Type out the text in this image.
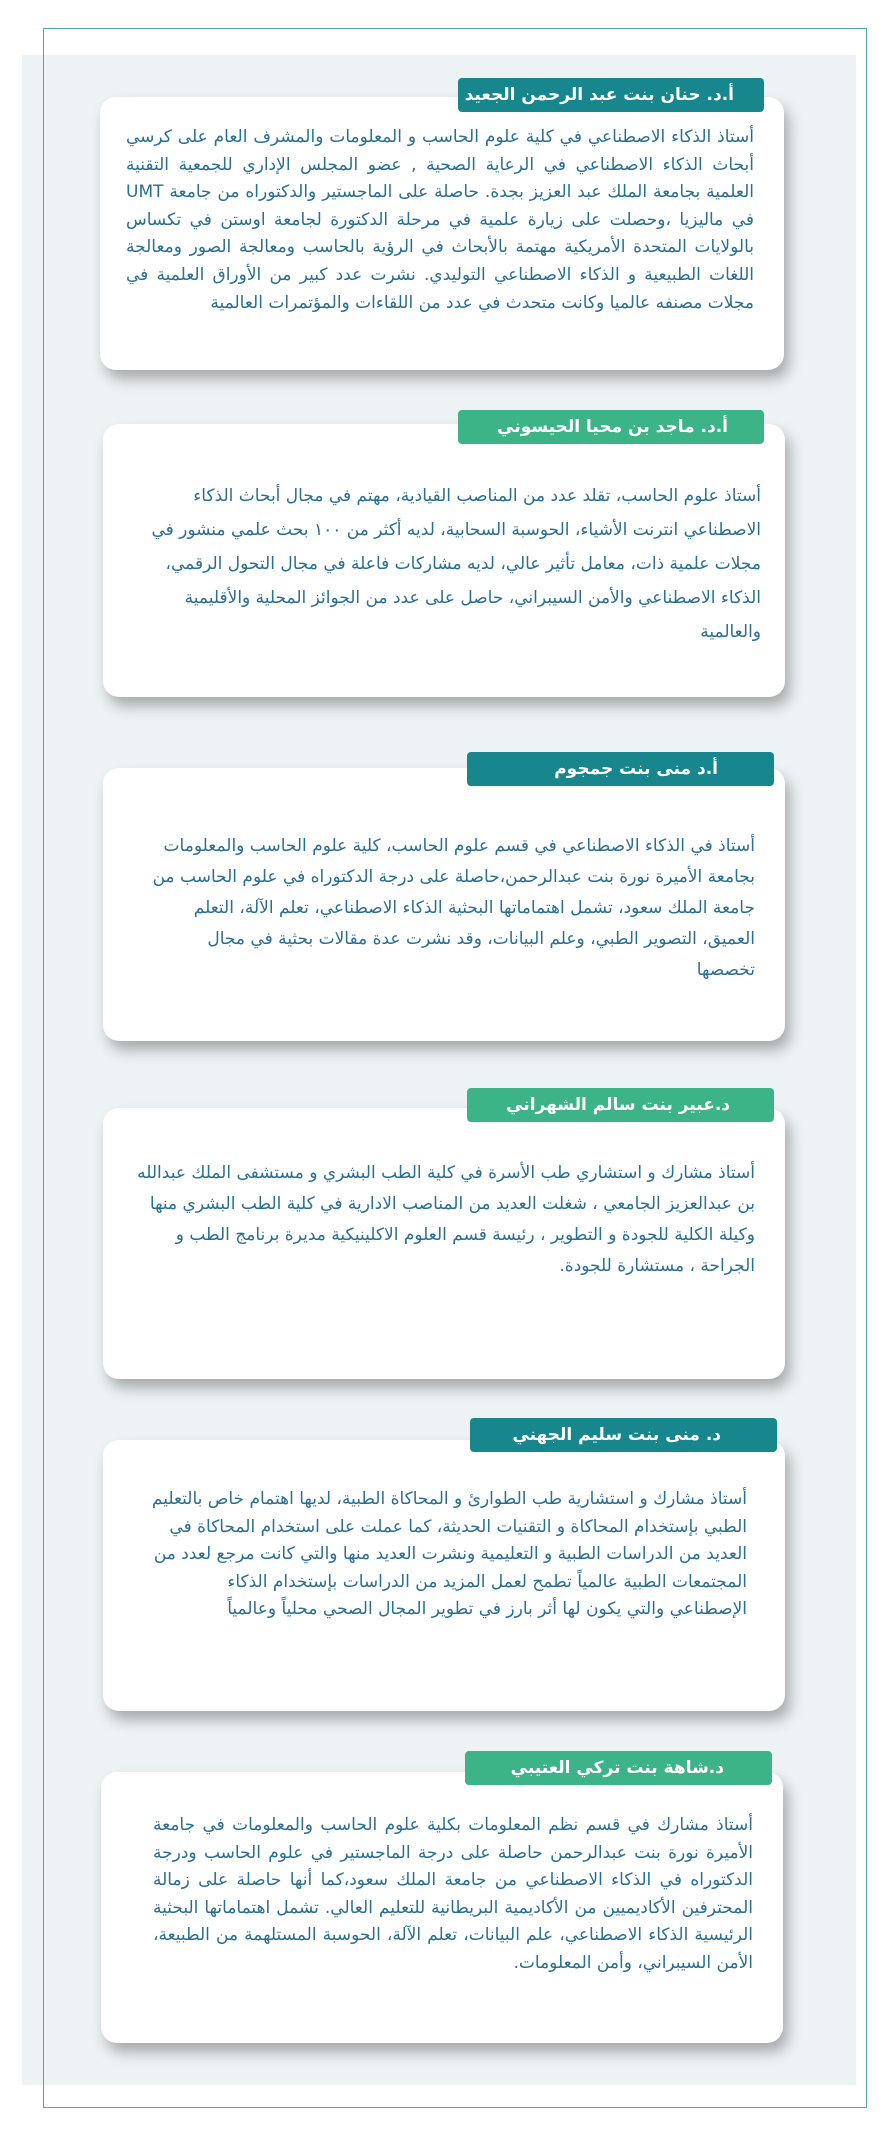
أستاذ الذكاء الاصطناعي في كلية علوم الحاسب و المعلومات والمشرف العام على كرسي أبحاث الذكاء الاصطناعي في الرعاية الصحية , عضو المجلس الإداري للجمعية التقنية العلمية بجامعة الملك عبد العزيز بجدة. حاصلة على الماجستير والدكتوراه من جامعة UMT في ماليزيا ،وحصلت على زيارة علمية في مرحلة الدكتورة لجامعة اوستن في تكساس بالولايات المتحدة الأمريكية مهتمة بالأبحاث في الرؤية بالحاسب ومعالجة الصور ومعالجة اللغات الطبيعية و الذكاء الاصطناعي التوليدي. نشرت عدد كبير من الأوراق العلمية في مجلات مصنفه عالميا وكانت متحدث في عدد من اللقاءات والمؤتمرات العالمية

أ.د. حنان بنت عبد الرحمن الجعيد

أستاذ علوم الحاسب، تقلد عدد من المناصب القيادية، مهتم في مجال أبحاث الذكاء الاصطناعي انترنت الأشياء، الحوسبة السحابية، لديه أكثر من ١٠٠ بحث علمي منشور في مجلات علمية ذات، معامل تأثير عالي، لديه مشاركات فاعلة في مجال التحول الرقمي، الذكاء الاصطناعي والأمن السيبراني، حاصل على عدد من الجوائز المحلية والأقليمية والعالمية

أ.د. ماجد بن محيا الحيسوني

أستاذ في الذكاء الاصطناعي في قسم علوم الحاسب، كلية علوم الحاسب والمعلومات بجامعة الأميرة نورة بنت عبدالرحمن،حاصلة على درجة الدكتوراه في علوم الحاسب من جامعة الملك سعود، تشمل اهتماماتها البحثية الذكاء الاصطناعي، تعلم الآلة، التعلم العميق، التصوير الطبي، وعلم البيانات، وقد نشرت عدة مقالات بحثية في مجال تخصصها

أ.د منى بنت جمجوم

أستاذ مشارك و استشاري طب الأسرة في كلية الطب البشري و مستشفى الملك عبدالله بن عبدالعزيز الجامعي ، شغلت العديد من المناصب الادارية في كلية الطب البشري منها وكيلة الكلية للجودة و التطوير ، رئيسة قسم العلوم الاكلينيكية مديرة برنامج الطب و الجراحة ، مستشارة للجودة.

د.عبير بنت سالم الشهراني

أستاذ مشارك و استشارية طب الطوارئ و المحاكاة الطبية، لديها اهتمام خاص بالتعليم الطبي بإستخدام المحاكاة و التقنيات الحديثة، كما عملت على استخدام المحاكاة في العديد من الدراسات الطبية و التعليمية ونشرت العديد منها والتي كانت مرجع لعدد من المجتمعات الطبية عالمياً تطمح لعمل المزيد من الدراسات بإستخدام الذكاء الإصطناعي والتي يكون لها أثر بارز في تطوير المجال الصحي محلياً وعالمياً

د. منى بنت سليم الجهني

أستاذ مشارك في قسم نظم المعلومات بكلية علوم الحاسب والمعلومات في جامعة الأميرة نورة بنت عبدالرحمن حاصلة على درجة الماجستير في علوم الحاسب ودرجة الدكتوراه في الذكاء الاصطناعي من جامعة الملك سعود،كما أنها حاصلة على زمالة المحترفين الأكاديميين من الأكاديمية البريطانية للتعليم العالي. تشمل اهتماماتها البحثية الرئيسية الذكاء الاصطناعي، علم البيانات، تعلم الآلة، الحوسبة المستلهمة من الطبيعة، الأمن السيبراني، وأمن المعلومات.

د.شاهة بنت تركي العتيبي
